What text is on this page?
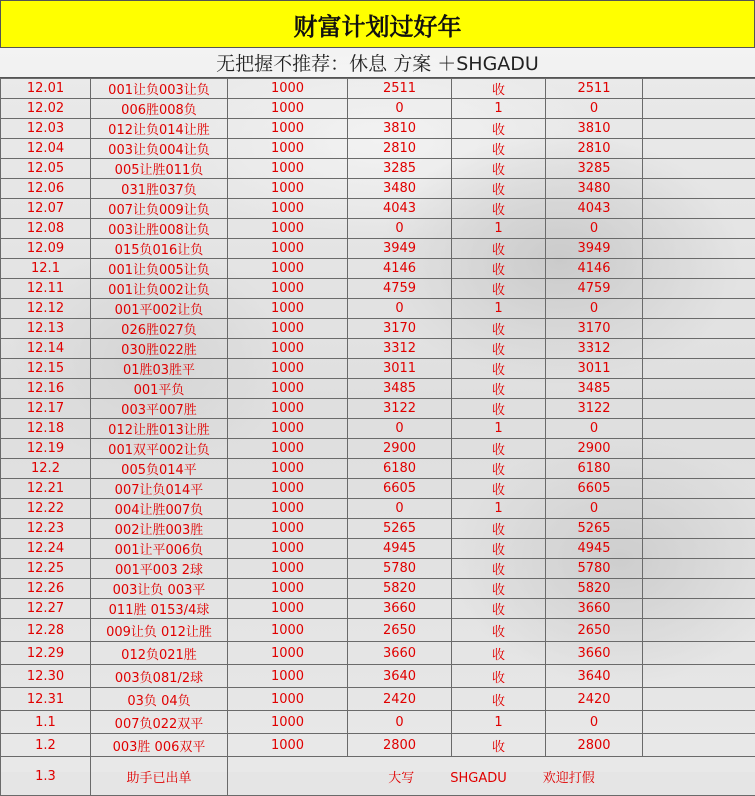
财富计划过好年
无把握不推荐：休息 方案 ＋SHGADU
12.01	001让负003让负	1000	2511	收	2511	
12.02	006胜008负	1000	0	1	0	
12.03	012让负014让胜	1000	3810	收	3810	
12.04	003让负004让负	1000	2810	收	2810	
12.05	005让胜011负	1000	3285	收	3285	
12.06	031胜037负	1000	3480	收	3480	
12.07	007让负009让负	1000	4043	收	4043	
12.08	003让胜008让负	1000	0	1	0	
12.09	015负016让负	1000	3949	收	3949	
12.1	001让负005让负	1000	4146	收	4146	
12.11	001让负002让负	1000	4759	收	4759	
12.12	001平002让负	1000	0	1	0	
12.13	026胜027负	1000	3170	收	3170	
12.14	030胜022胜	1000	3312	收	3312	
12.15	01胜03胜平	1000	3011	收	3011	
12.16	001平负	1000	3485	收	3485	
12.17	003平007胜	1000	3122	收	3122	
12.18	012让胜013让胜	1000	0	1	0	
12.19	001双平002让负	1000	2900	收	2900	
12.2	005负014平	1000	6180	收	6180	
12.21	007让负014平	1000	6605	收	6605	
12.22	004让胜007负	1000	0	1	0	
12.23	002让胜003胜	1000	5265	收	5265	
12.24	001让平006负	1000	4945	收	4945	
12.25	001平003 2球	1000	5780	收	5780	
12.26	003让负 003平	1000	5820	收	5820	
12.27	011胜 0153/4球	1000	3660	收	3660	
12.28	009让负 012让胜	1000	2650	收	2650	
12.29	012负021胜	1000	3660	收	3660	
12.30	003负081/2球	1000	3640	收	3640	
12.31	03负 04负	1000	2420	收	2420	
1.1	007负022双平	1000	0	1	0	
1.2	003胜 006双平	1000	2800	收	2800	
1.3	助手已出单	大写 SHGADU 欢迎打假				
